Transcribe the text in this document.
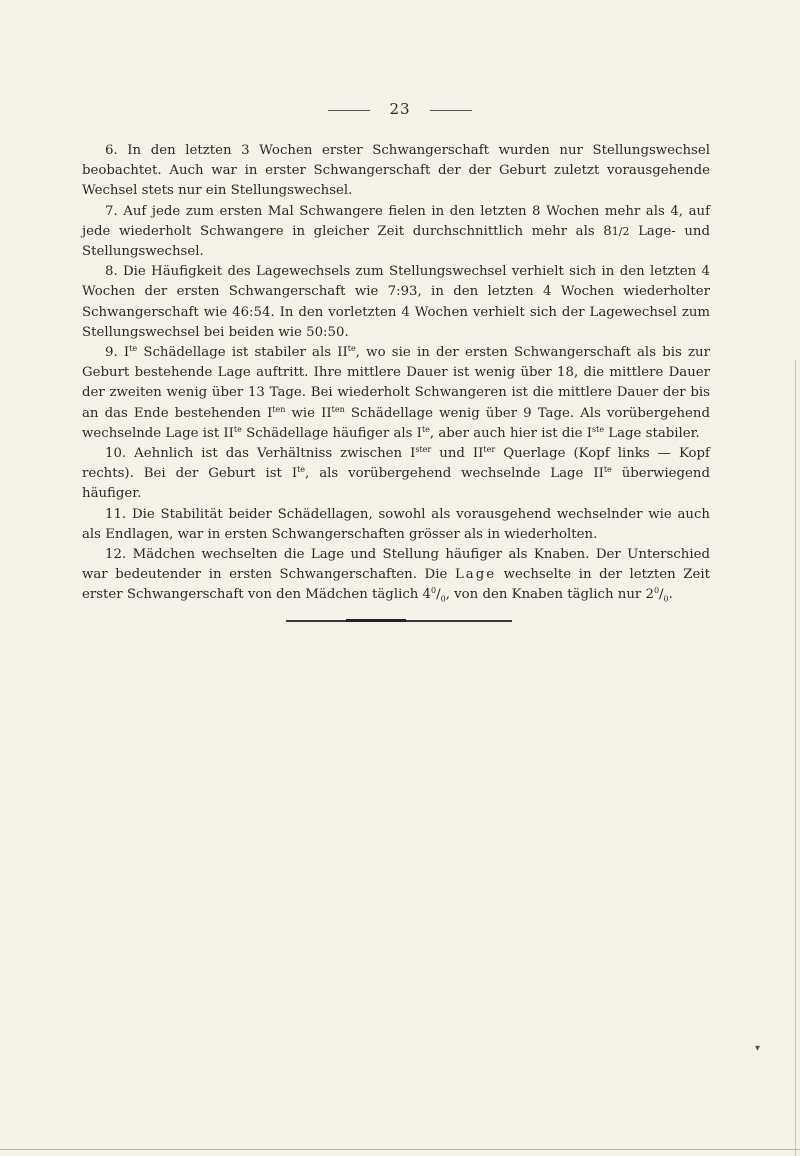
23

6. In den letzten 3 Wochen erster Schwangerschaft wurden nur Stellungswechsel beobachtet. Auch war in erster Schwangerschaft der der Geburt zuletzt vorausgehende Wechsel stets nur ein Stellungswechsel.

7. Auf jede zum ersten Mal Schwangere fielen in den letzten 8 Wochen mehr als 4, auf jede wiederholt Schwangere in gleicher Zeit durchschnittlich mehr als 81/2 Lage- und Stellungswechsel.

8. Die Häufigkeit des Lagewechsels zum Stellungswechsel verhielt sich in den letzten 4 Wochen der ersten Schwangerschaft wie 7:93, in den letzten 4 Wochen wiederholter Schwangerschaft wie 46:54. In den vorletzten 4 Wochen verhielt sich der Lagewechsel zum Stellungswechsel bei beiden wie 50:50.

9. $I^{te}$ Schädellage ist stabiler als $II^{te}$, wo sie in der ersten Schwangerschaft als bis zur Geburt bestehende Lage auftritt. Ihre mittlere Dauer ist wenig über 18, die mittlere Dauer der zweiten wenig über 13 Tage. Bei wiederholt Schwangeren ist die mittlere Dauer der bis an das Ende bestehenden $I^{ten}$ wie $II^{ten}$ Schädellage wenig über 9 Tage. Als vorübergehend wechselnde Lage ist $II^{te}$ Schädellage häufiger als $I^{te}$, aber auch hier ist die Iste Lage stabiler.

10. Aehnlich ist das Verhältniss zwischen $I^{ster}$ und $II^{ter}$ Querlage (Kopf links — Kopf rechts). Bei der Geburt ist $I^{te}$, als vorübergehend wechselnde Lage $II^{te}$ überwiegend häufiger.

11. Die Stabilität beider Schädellagen, sowohl als vorausgehend wechselnder wie auch als Endlagen, war in ersten Schwangerschaften grösser als in wiederholten.

12. Mädchen wechselten die Lage und Stellung häufiger als Knaben. Der Unterschied war bedeutender in ersten Schwangerschaften. Die Lage wechselte in der letzten Zeit erster Schwangerschaft von den Mädchen täglich $4^0/_0$, von den Knaben täglich nur $2^0/_0$.

▾
